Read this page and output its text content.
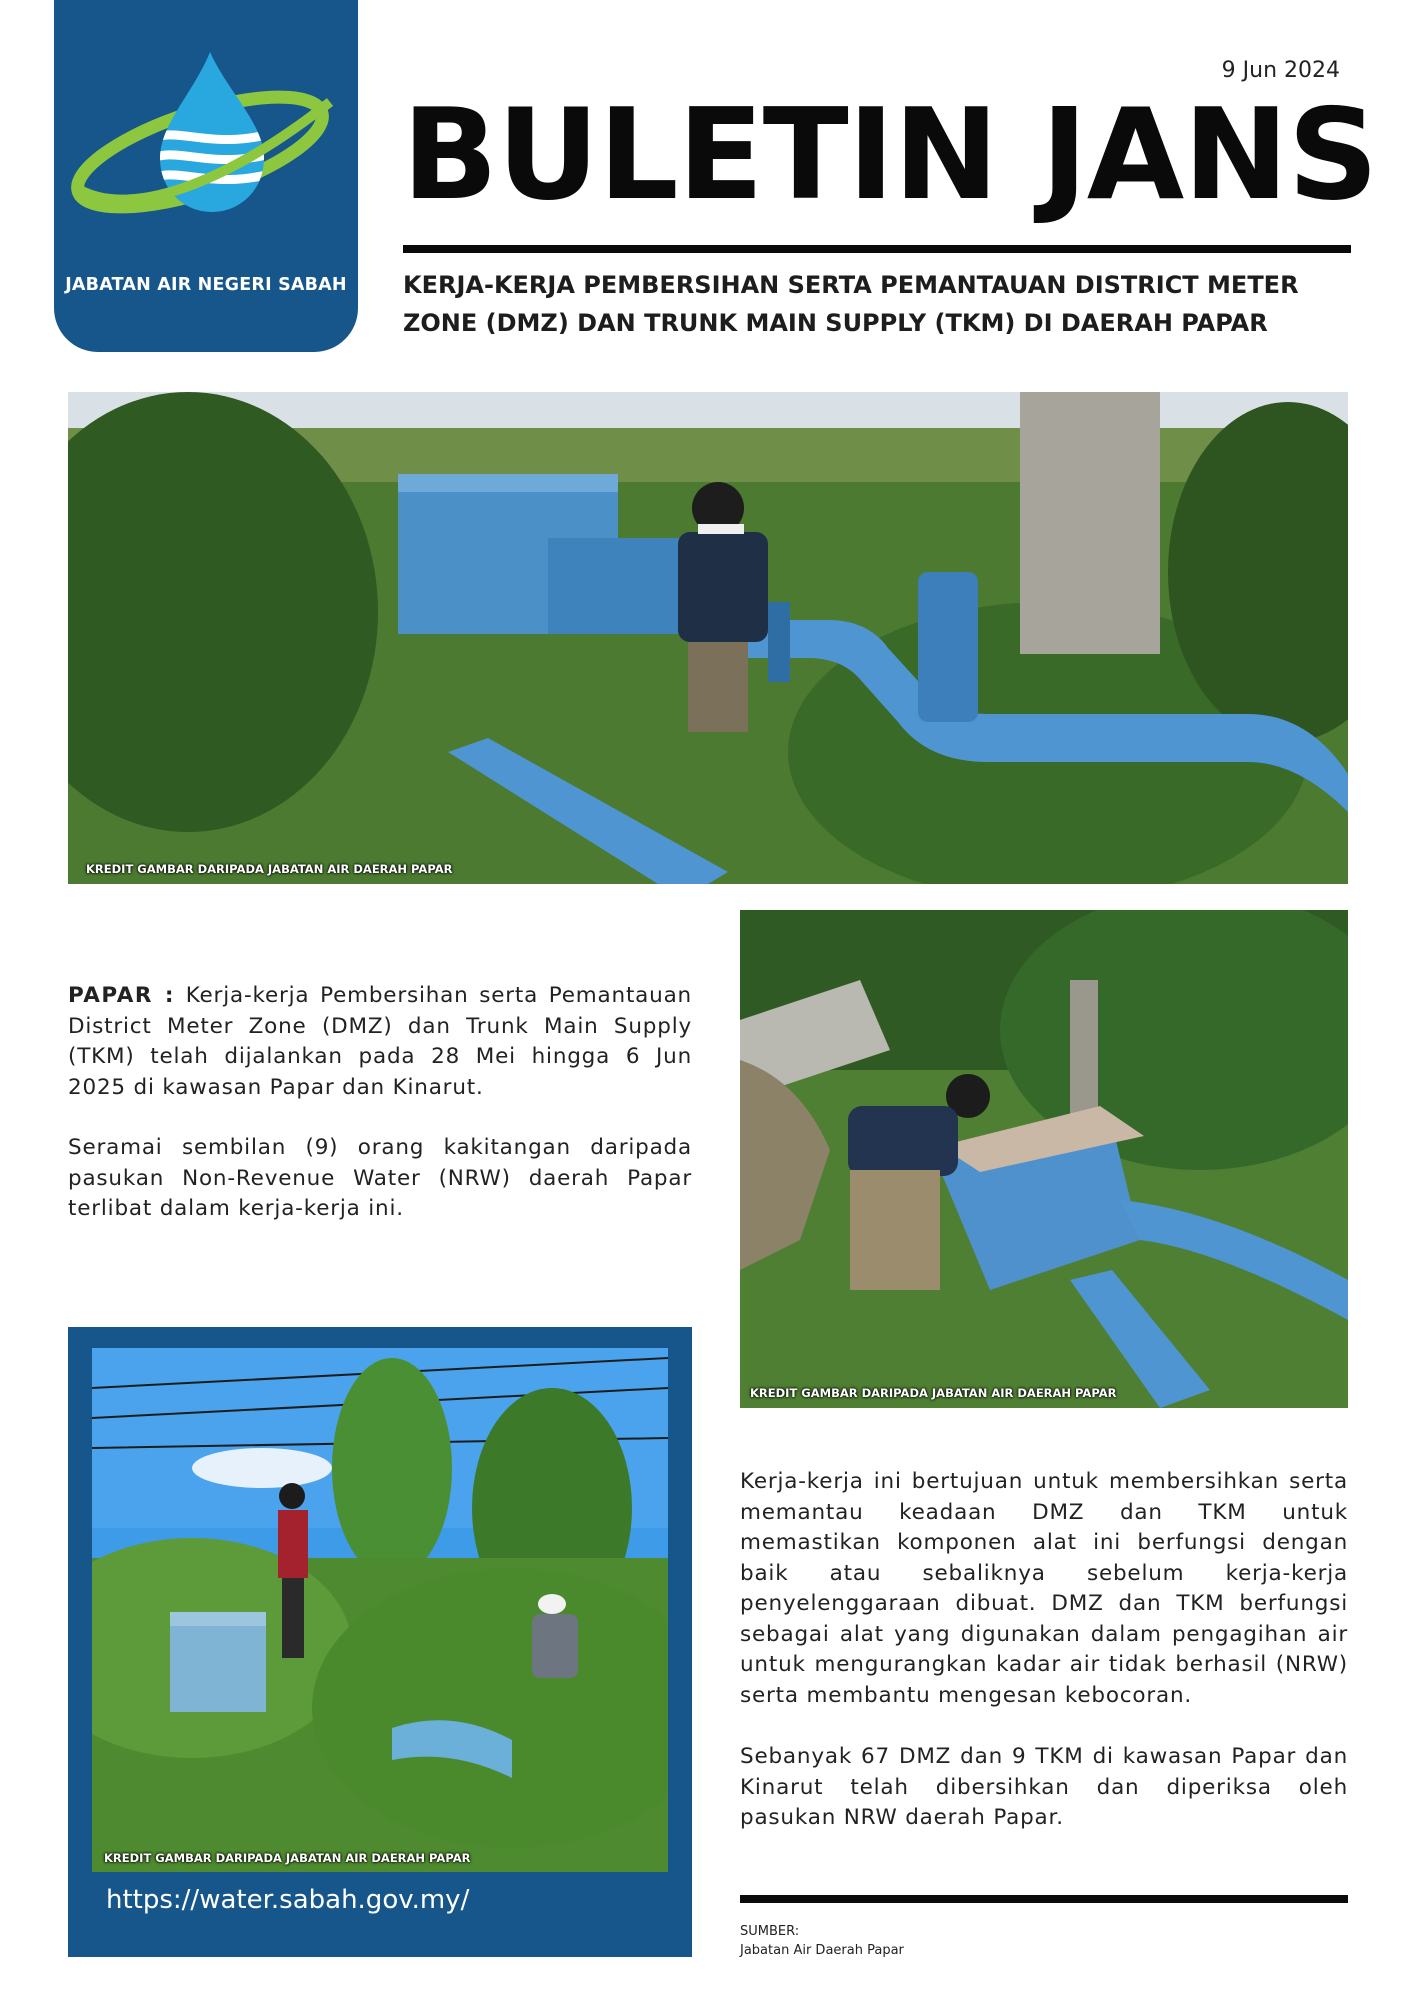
JABATAN AIR NEGERI SABAH
9 Jun 2024
BULETIN JANS
KERJA-KERJA PEMBERSIHAN SERTA PEMANTAUAN DISTRICT METER ZONE (DMZ) DAN TRUNK MAIN SUPPLY (TKM) DI DAERAH PAPAR
KREDIT GAMBAR DARIPADA JABATAN AIR DAERAH PAPAR
PAPAR : Kerja-kerja Pembersihan serta Pemantauan District Meter Zone (DMZ) dan Trunk Main Supply (TKM) telah dijalankan pada 28 Mei hingga 6 Jun 2025 di kawasan Papar dan Kinarut.
Seramai sembilan (9) orang kakitangan daripada pasukan Non-Revenue Water (NRW) daerah Papar terlibat dalam kerja-kerja ini.
KREDIT GAMBAR DARIPADA JABATAN AIR DAERAH PAPAR
Kerja-kerja ini bertujuan untuk membersihkan serta memantau keadaan DMZ dan TKM untuk memastikan komponen alat ini berfungsi dengan baik atau sebaliknya sebelum kerja-kerja penyelenggaraan dibuat. DMZ dan TKM berfungsi sebagai alat yang digunakan dalam pengagihan air untuk mengurangkan kadar air tidak berhasil (NRW) serta membantu mengesan kebocoran.
Sebanyak 67 DMZ dan 9 TKM di kawasan Papar dan Kinarut telah dibersihkan dan diperiksa oleh pasukan NRW daerah Papar.
KREDIT GAMBAR DARIPADA JABATAN AIR DAERAH PAPAR
https://water.sabah.gov.my/
SUMBER:
Jabatan Air Daerah Papar
